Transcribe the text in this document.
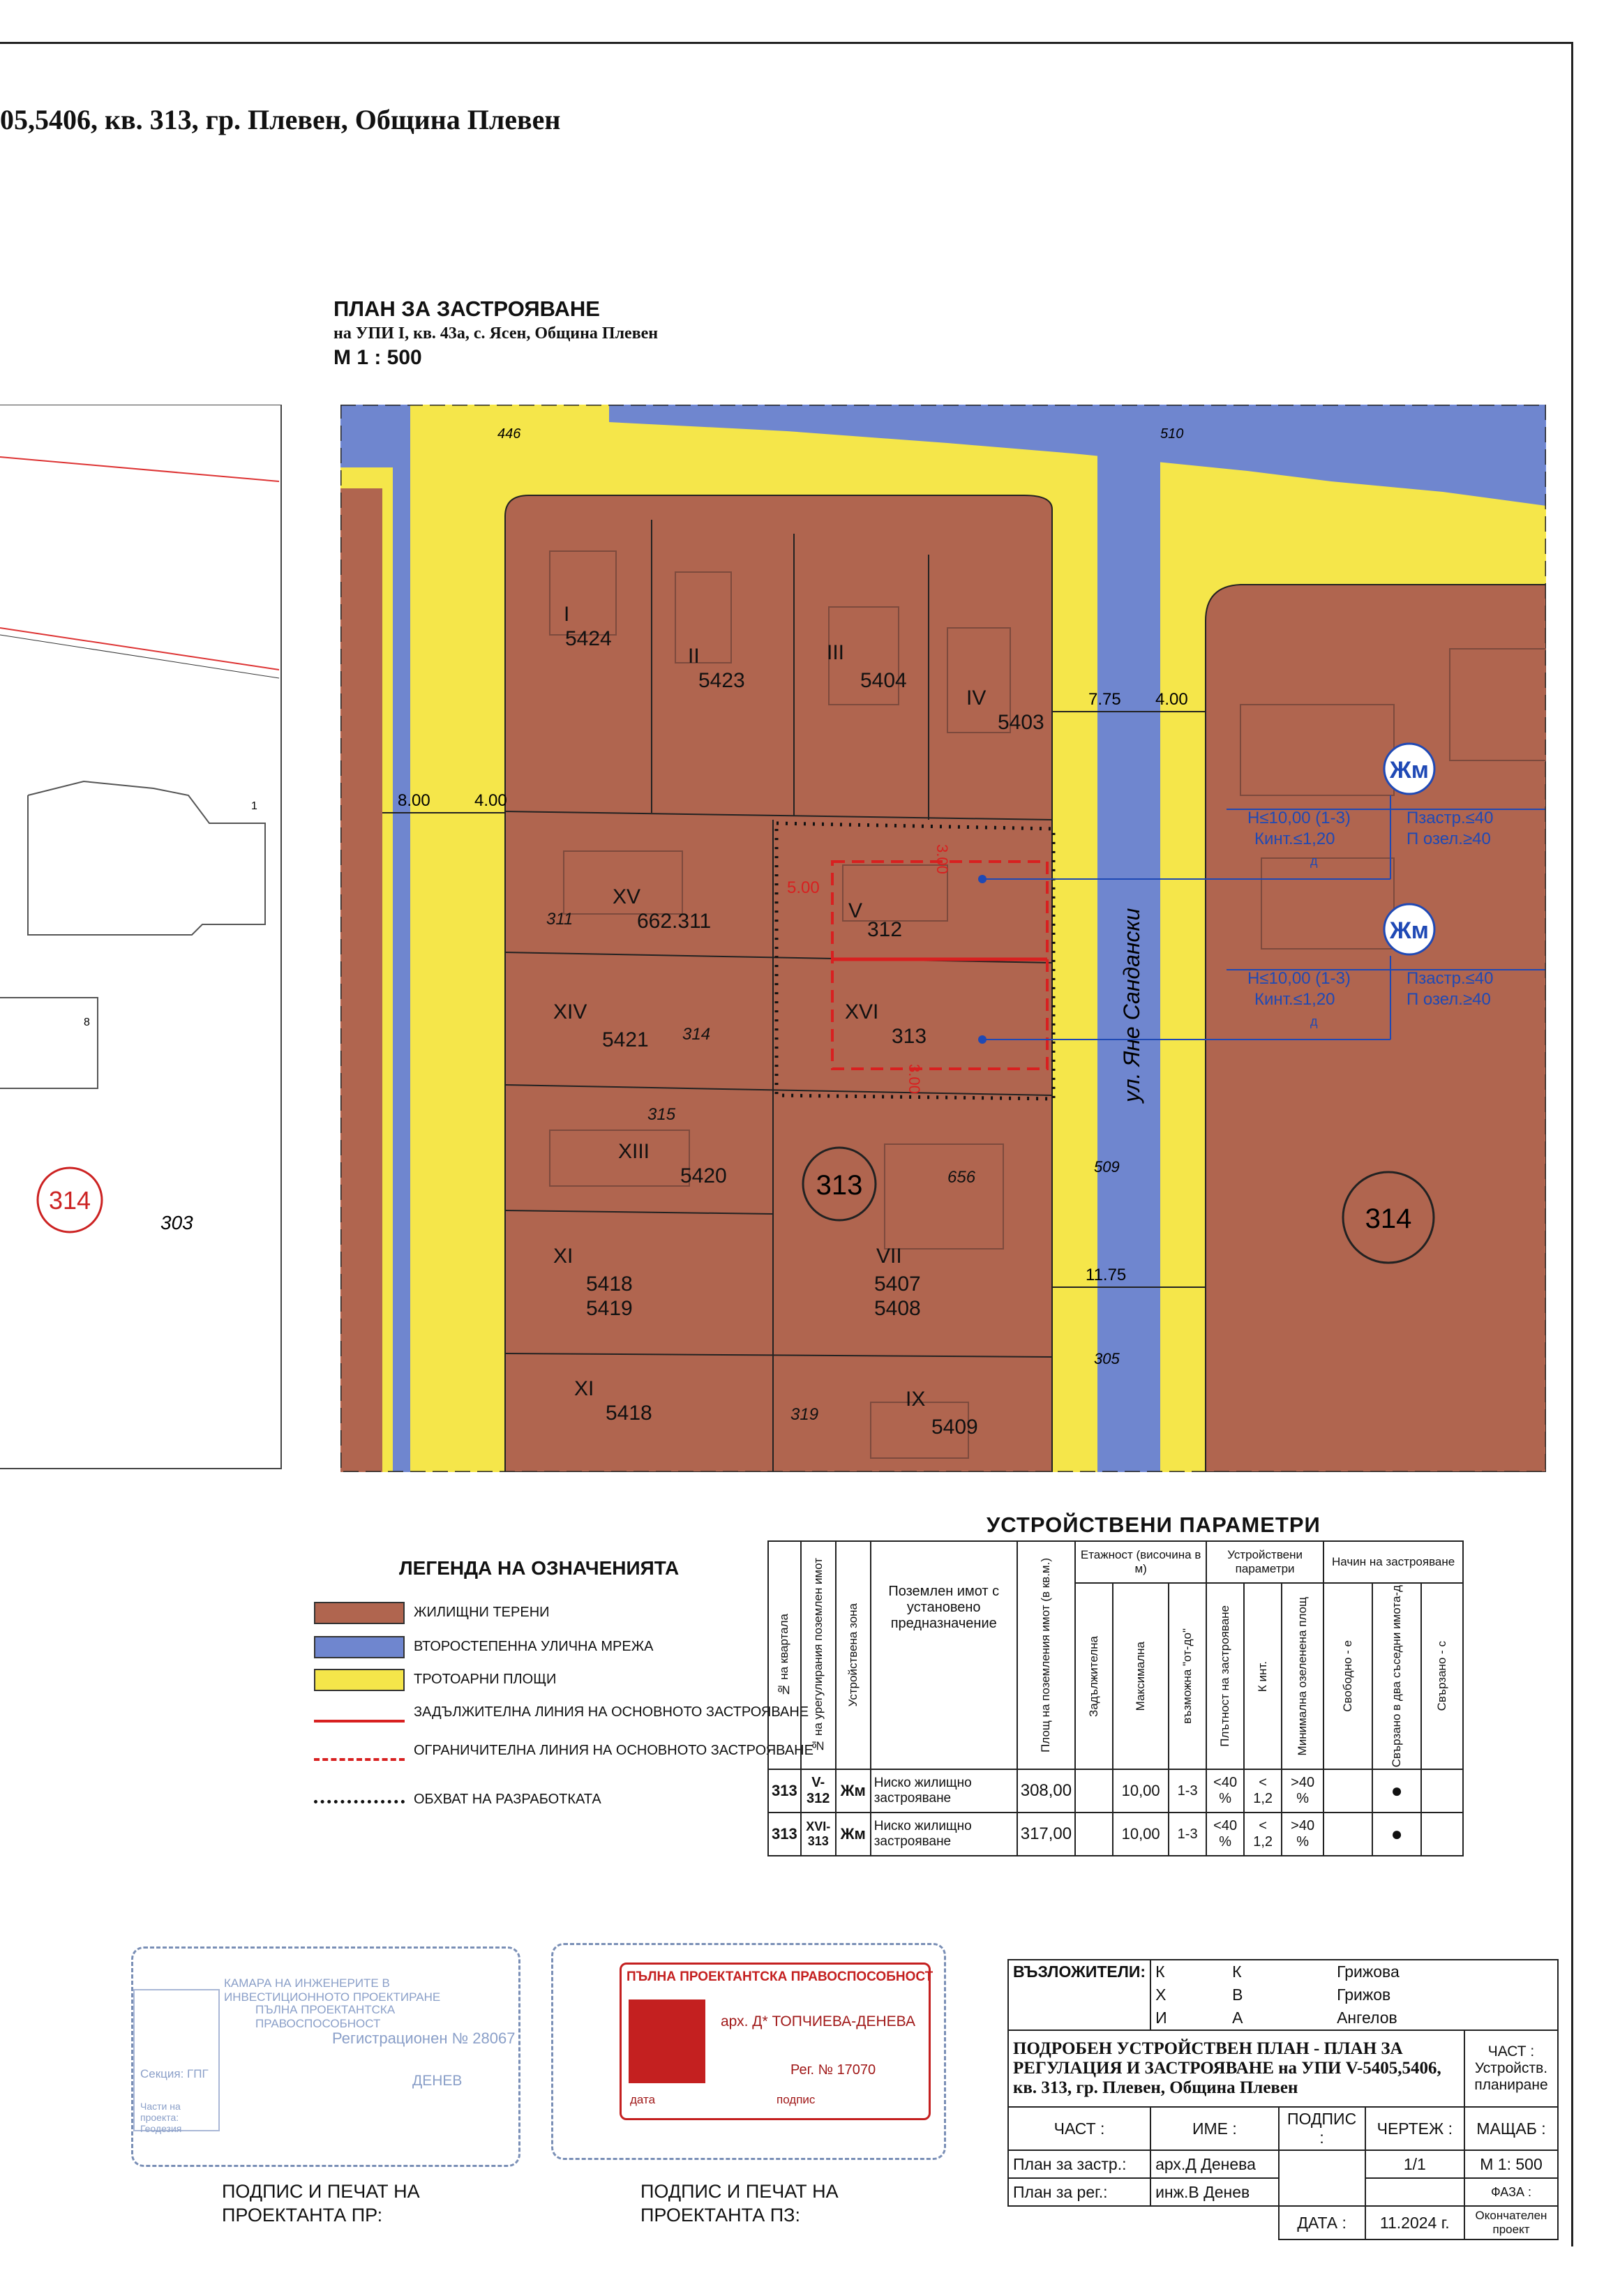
05,5406, кв. 313, гр. Плевен, Община Плевен
ПЛАН ЗА ЗАСТРОЯВАНЕ
на УПИ I, кв. 43а, с. Ясен, Община Плевен
М 1 : 500
314
303
1
8
8.00	4.00
7.75 4.00
11.75
5.00
3.00
3.00
446	510
509
305
ул. Яне Сандански
I
5424
II
5423
III
5404
IV
5403
XV
662.311
311	V
312
XIV
5421 314
XVI
313
XIII
5420
315
VII
5407
5408
656
XI
5418
5419
XI
5418
IX
5409
319
313
314
Жм
Н≤10,00 (1-3)
Кинт.≤1,20
д
Пзастр.≤40
П озел.≥40
Жм
Н≤10,00 (1-3)
Кинт.≤1,20
д
Пзастр.≤40
П озел.≥40
ЛЕГЕНДА НА ОЗНАЧЕНИЯТА
ЖИЛИЩНИ ТЕРЕНИ
ВТОРОСТЕПЕННА УЛИЧНА МРЕЖА
ТРОТОАРНИ ПЛОЩИ
ЗАДЪЛЖИТЕЛНА ЛИНИЯ НА ОСНОВНОТО ЗАСТРОЯВАНЕ
ОГРАНИЧИТЕЛНА ЛИНИЯ НА ОСНОВНОТО ЗАСТРОЯВАНЕ
ОБХВАТ НА РАЗРАБОТКАТА
УСТРОЙСТВЕНИ ПАРАМЕТРИ
№ на квартала	№ на урегулирания поземлен имот	Устройствена зона	Поземлен имот с установено предназначение	Площ на поземления имот (в кв.м.)	Етажност (височина в м)			Устройствени параметри			Начин на застрояване		

					Задължителна	Максимална	възможна "от-до"	Плътност на застрояване	К инт.	Минимална озеленена площ	Свободно - е	Свързано в два съседни имота-д	Свързано - с

313	V-312	Жм	Ниско жилищно застрояване	308,00		10,00	1-3	<40 %	< 1,2	>40 %		●	
313	XVI-313	Жм	Ниско жилищно застрояване	317,00		10,00	1-3	<40 %	< 1,2	>40 %		●	
КАМАРА НА ИНЖЕНЕРИТЕ В ИНВЕСТИЦИОННОТО ПРОЕКТИРАНЕ
ПЪЛНА ПРОЕКТАНТСКА ПРАВОСПОСОБНОСТ
Регистрационен № 28067
ДЕНЕВ
Секция: ГПГ
Части на проекта: Геодезия
ПЪЛНА ПРОЕКТАНТСКА ПРАВОСПОСОБНОСТ
арх. Д* ТОПЧИЕВА-ДЕНЕВА
Рег. № 17070
дата	подпис
ПОДПИС И ПЕЧАТ НА ПРОЕКТАНТА ПР:
ПОДПИС И ПЕЧАТ НА ПРОЕКТАНТА ПЗ:
ВЪЗЛОЖИТЕЛИ:	К К Грижова			
	Х В Грижов			
	И А Ангелов			
ПОДРОБЕН УСТРОЙСТВЕН ПЛАН - ПЛАН ЗА РЕГУЛАЦИЯ И ЗАСТРОЯВАНЕ на УПИ V-5405,5406, кв. 313, гр. Плевен, Община Плевен				ЧАСТ :
Устройств. планиране

ЧАСТ :	ИМЕ :	ПОДПИС :	ЧЕРТЕЖ :	МАЩАБ :
План за застр.:	арх.Д Денева		1/1	М 1: 500
План за рег.:	инж.В Денев			ФАЗА :

		ДАТА :	11.2024 г.	Окончателен проект
